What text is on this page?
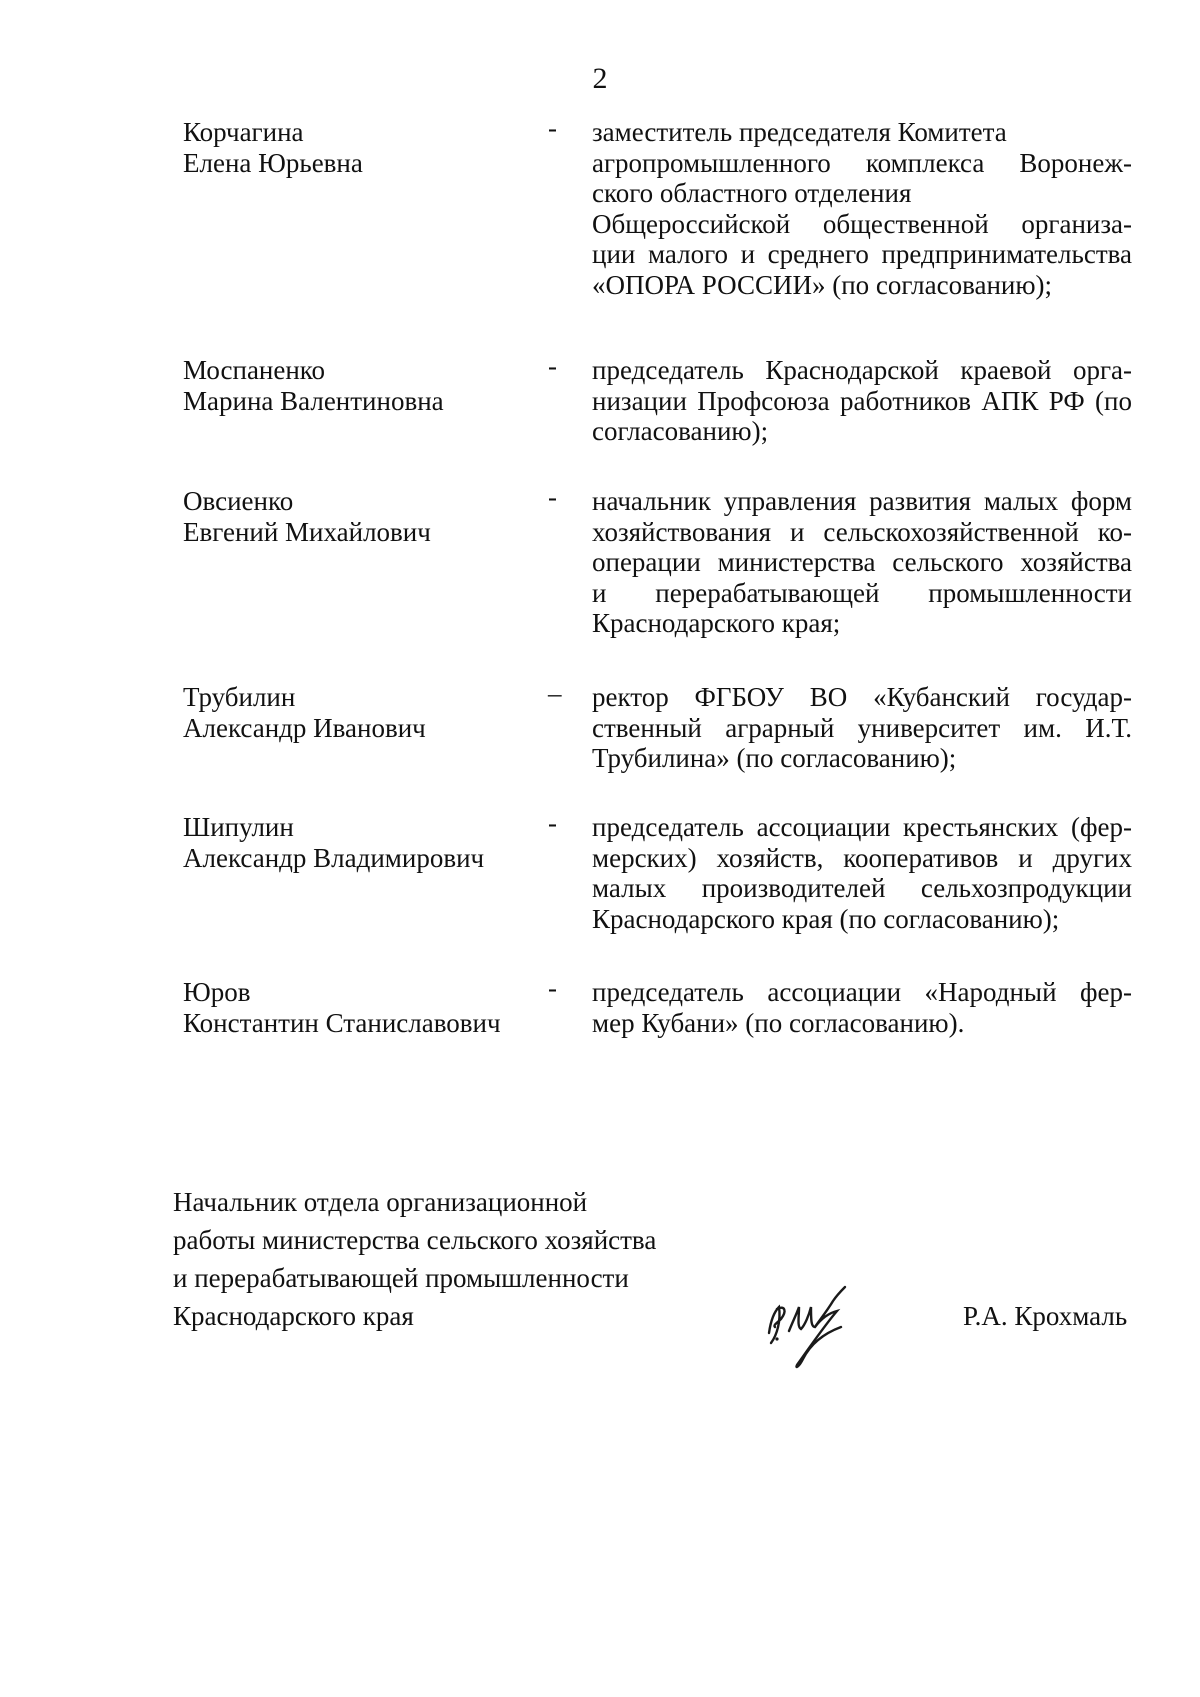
2
Корчагина
Елена Юрьевна
- заместитель председателя Комитета
агропромышленного комплекса Воронеж-
ского областного отделения
Общероссийской общественной организа-
ции малого и среднего предпринимательства
«ОПОРА РОССИИ» (по согласованию);
Моспаненко
Марина Валентиновна
- председатель Краснодарской краевой орга-
низации Профсоюза работников АПК РФ (по
согласованию);
Овсиенко
Евгений Михайлович
- начальник управления развития малых форм
хозяйствования и сельскохозяйственной ко-
операции министерства сельского хозяйства
и перерабатывающей промышленности
Краснодарского края;
Трубилин
Александр Иванович
– ректор ФГБОУ ВО «Кубанский государ-
ственный аграрный университет им. И.Т.
Трубилина» (по согласованию);
Шипулин
Александр Владимирович
- председатель ассоциации крестьянских (фер-
мерских) хозяйств, кооперативов и других
малых производителей сельхозпродукции
Краснодарского края (по согласованию);
Юров
Константин Станиславович
- председатель ассоциации «Народный фер-
мер Кубани» (по согласованию).
Начальник отдела организационной
работы министерства сельского хозяйства
и перерабатывающей промышленности
Краснодарского края	Р.А. Крохмаль
